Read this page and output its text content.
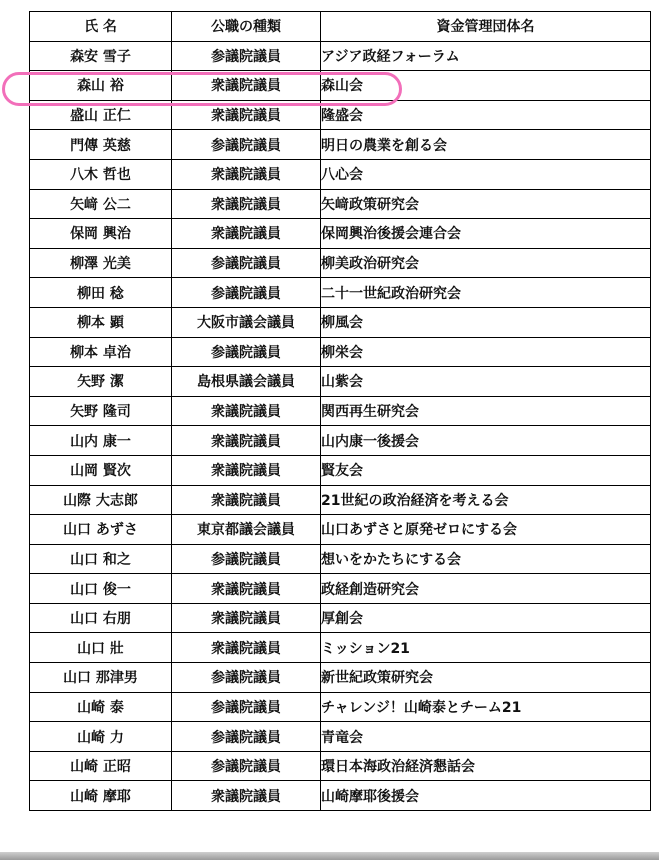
氏 名	公職の種類	資金管理団体名
森安 雪子	参議院議員	アジア政経フォーラム
森山 裕	衆議院議員	森山会
盛山 正仁	衆議院議員	隆盛会
門傳 英慈	参議院議員	明日の農業を創る会
八木 哲也	衆議院議員	八心会
矢﨑 公二	衆議院議員	矢﨑政策研究会
保岡 興治	衆議院議員	保岡興治後援会連合会
柳澤 光美	参議院議員	柳美政治研究会
柳田 稔	参議院議員	二十一世紀政治研究会
柳本 顕	大阪市議会議員	柳風会
柳本 卓治	参議院議員	柳栄会
矢野 潔	島根県議会議員	山紫会
矢野 隆司	衆議院議員	関西再生研究会
山内 康一	衆議院議員	山内康一後援会
山岡 賢次	衆議院議員	賢友会
山際 大志郎	衆議院議員	21世紀の政治経済を考える会
山口 あずさ	東京都議会議員	山口あずさと原発ゼロにする会
山口 和之	参議院議員	想いをかたちにする会
山口 俊一	衆議院議員	政経創造研究会
山口 右朋	衆議院議員	厚創会
山口 壯	衆議院議員	ミッション21
山口 那津男	参議院議員	新世紀政策研究会
山崎 泰	参議院議員	チャレンジ！山崎泰とチーム21
山崎 力	参議院議員	青竜会
山崎 正昭	参議院議員	環日本海政治経済懇話会
山崎 摩耶	衆議院議員	山崎摩耶後援会
